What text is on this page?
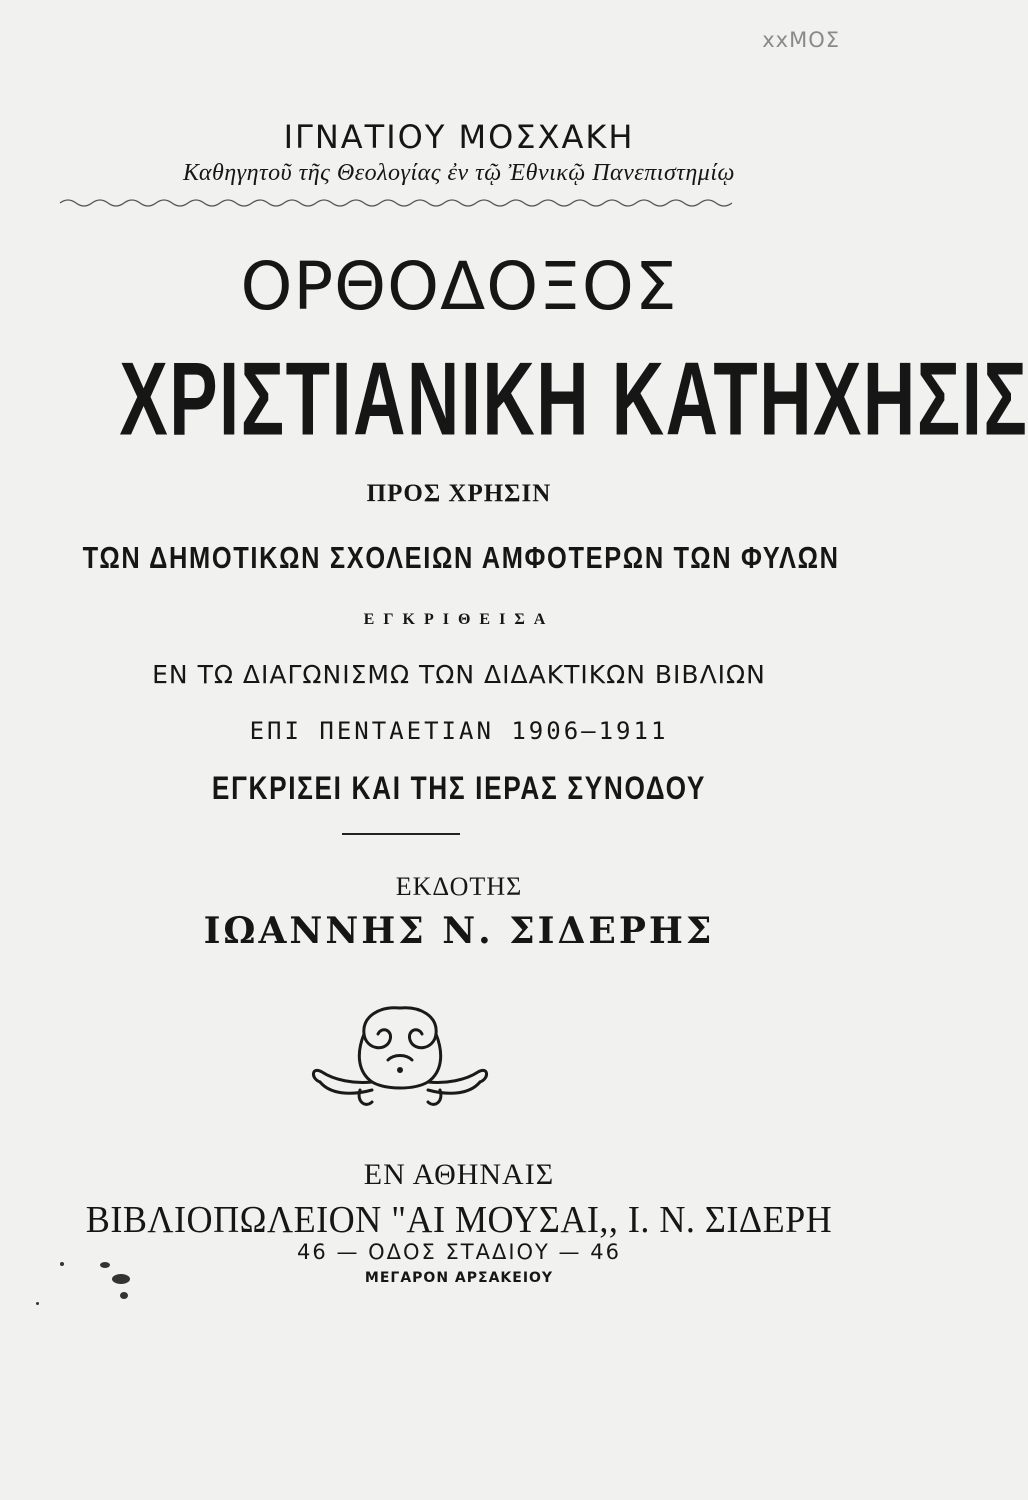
xxMOΣ
ΙΓΝΑΤΙΟΥ ΜΟΣΧΑΚΗ
Καθηγητοῦ τῆς Θεολογίας ἐν τῷ Ἐθνικῷ Πανεπιστημίῳ
ΟΡΘΟΔΟΞΟΣ
ΧΡΙΣΤΙΑΝΙΚΗ ΚΑΤΗΧΗΣΙΣ
ΠΡΟΣ ΧΡΗΣΙΝ
ΤΩΝ ΔΗΜΟΤΙΚΩΝ ΣΧΟΛΕΙΩΝ ΑΜΦΟΤΕΡΩΝ ΤΩΝ ΦΥΛΩΝ
ΕΓΚΡΙΘΕΙΣΑ
ΕΝ ΤΩ ΔΙΑΓΩΝΙΣΜΩ ΤΩΝ ΔΙΔΑΚΤΙΚΩΝ ΒΙΒΛΙΩΝ
ΕΠΙ ΠΕΝΤΑΕΤΙΑΝ 1906—1911
ΕΓΚΡΙΣΕΙ ΚΑΙ ΤΗΣ ΙΕΡΑΣ ΣΥΝΟΔΟΥ
ΕΚΔΟΤΗΣ
ΙΩΑΝΝΗΣ Ν. ΣΙΔΕΡΗΣ
ΕΝ ΑΘΗΝΑΙΣ
ΒΙΒΛΙΟΠΩΛΕΙΟΝ "ΑΙ ΜΟΥΣΑΙ,, Ι. Ν. ΣΙΔΕΡΗ
46 — ΟΔΟΣ ΣΤΑΔΙΟΥ — 46
ΜΕΓΑΡΟΝ ΑΡΣΑΚΕΙΟΥ
